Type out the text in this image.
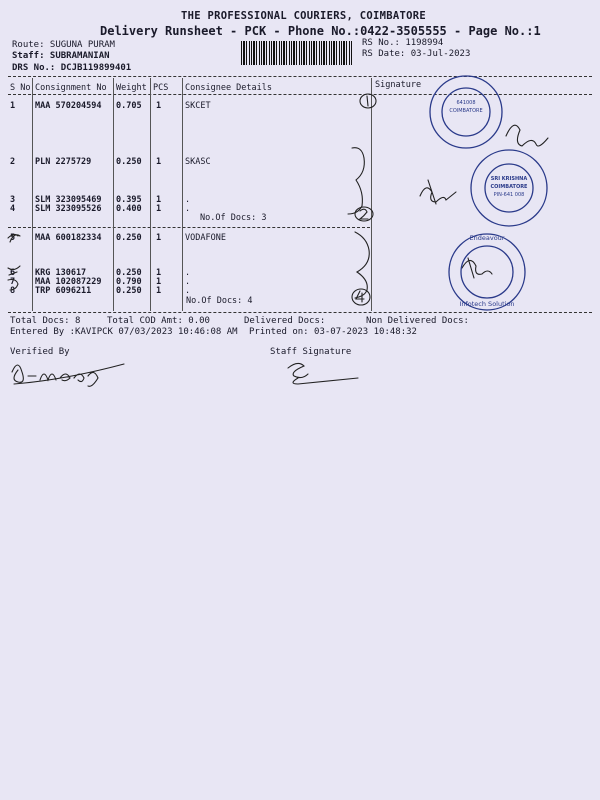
THE PROFESSIONAL COURIERS, COIMBATORE
Delivery Runsheet - PCK - Phone No.:0422-3505555 - Page No.:1
Route: SUGUNA PURAM
Staff: SUBRAMANIAN
DRS No.: DCJB119899401
RS No.: 1198994
RS Date: 03-Jul-2023
S No Consignment No Weight PCS Consignee Details	Signature
1 MAA 570204594 0.705 1	SKCET
2 PLN 2275729	0.250 1	SKASC
3 SLM 323095469 0.395 1	.
4 SLM 323095526 0.400 1	.
No.Of Docs: 3
5 MAA 600182334 0.250 1	VODAFONE
6 KRG 130617	0.250 1	.
7 MAA 102087229 0.790 1	.
8 TRP 6096211	0.250 1	.
No.Of Docs: 4
Total Docs: 8	Total COD Amt: 0.00	Delivered Docs:	Non Delivered Docs:
Entered By :KAVIPCK 07/03/2023 10:46:08 AM Printed on: 03-07-2023 10:48:32
Verified By	Staff Signature
641008
COIMBATORE
SRI KRISHNA
COIMBATORE
PIN-641 008
Endeavour
Infotech Solution
